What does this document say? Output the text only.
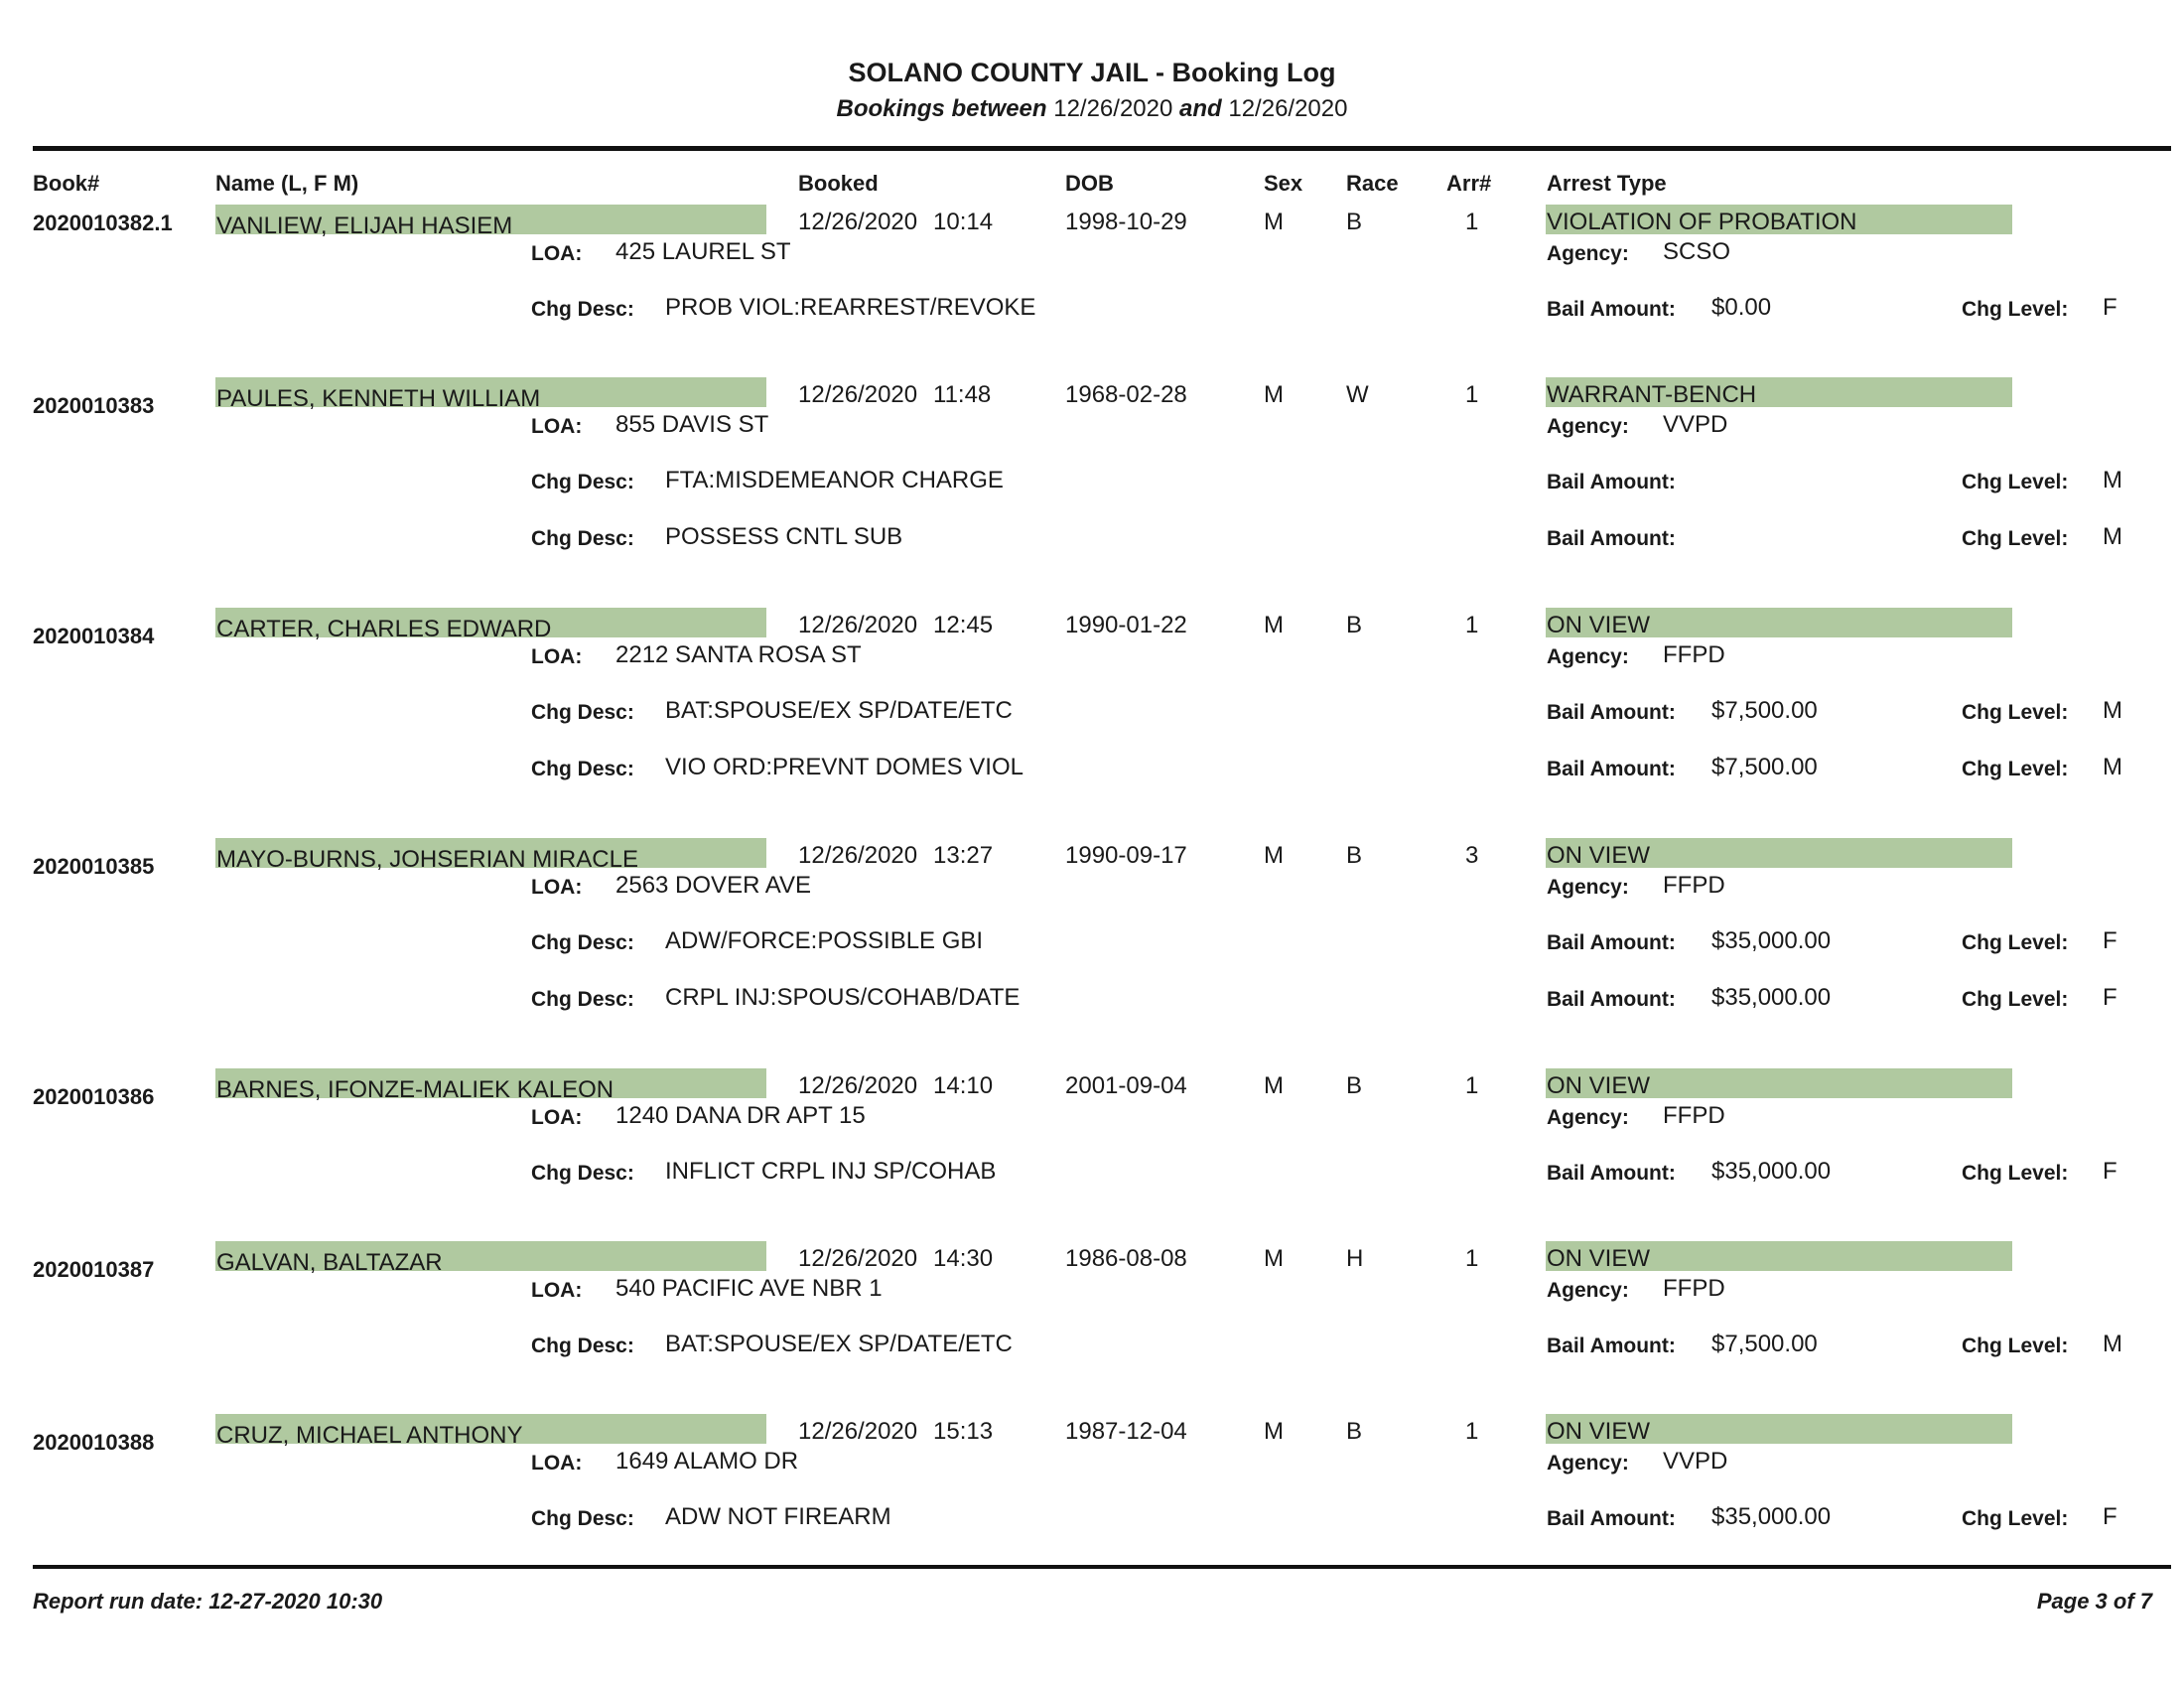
SOLANO COUNTY JAIL - Booking Log
Bookings between 12/26/2020 and 12/26/2020
Book#	Name (L, F M)	Booked	DOB	Sex Race Arr#	Arrest Type
2020010382.1 VANLIEW, ELIJAH HASIEM	12/26/2020 10:14	1998-10-29	M	B	1	VIOLATION OF PROBATION
LOA: 425 LAUREL ST	Agency: SCSO
Chg Desc: PROB VIOL:REARREST/REVOKE	Bail Amount: $0.00	Chg Level: F
2020010383	PAULES, KENNETH WILLIAM	12/26/2020 11:48	1968-02-28	M	W	1	WARRANT-BENCH
LOA: 855 DAVIS ST	Agency: VVPD
Chg Desc: FTA:MISDEMEANOR CHARGE	Bail Amount:	Chg Level: M
Chg Desc: POSSESS CNTL SUB	Bail Amount:	Chg Level: M
2020010384	CARTER, CHARLES EDWARD	12/26/2020 12:45	1990-01-22	M	B	1	ON VIEW
LOA: 2212 SANTA ROSA ST	Agency: FFPD
Chg Desc: BAT:SPOUSE/EX SP/DATE/ETC	Bail Amount: $7,500.00	Chg Level: M
Chg Desc: VIO ORD:PREVNT DOMES VIOL	Bail Amount: $7,500.00	Chg Level: M
2020010385	MAYO-BURNS, JOHSERIAN MIRACLE	12/26/2020 13:27	1990-09-17	M	B	3	ON VIEW
LOA: 2563 DOVER AVE	Agency: FFPD
Chg Desc: ADW/FORCE:POSSIBLE GBI	Bail Amount: $35,000.00	Chg Level: F
Chg Desc: CRPL INJ:SPOUS/COHAB/DATE	Bail Amount: $35,000.00	Chg Level: F
2020010386	BARNES, IFONZE-MALIEK KALEON	12/26/2020 14:10	2001-09-04	M	B	1	ON VIEW
LOA: 1240 DANA DR APT 15	Agency: FFPD
Chg Desc: INFLICT CRPL INJ SP/COHAB	Bail Amount: $35,000.00	Chg Level: F
2020010387	GALVAN, BALTAZAR	12/26/2020 14:30	1986-08-08	M	H	1	ON VIEW
LOA: 540 PACIFIC AVE NBR 1	Agency: FFPD
Chg Desc: BAT:SPOUSE/EX SP/DATE/ETC	Bail Amount: $7,500.00	Chg Level: M
2020010388	CRUZ, MICHAEL ANTHONY	12/26/2020 15:13	1987-12-04	M	B	1	ON VIEW
LOA: 1649 ALAMO DR	Agency: VVPD
Chg Desc: ADW NOT FIREARM	Bail Amount: $35,000.00	Chg Level: F
Report run date: 12-27-2020 10:30	Page 3 of 7
